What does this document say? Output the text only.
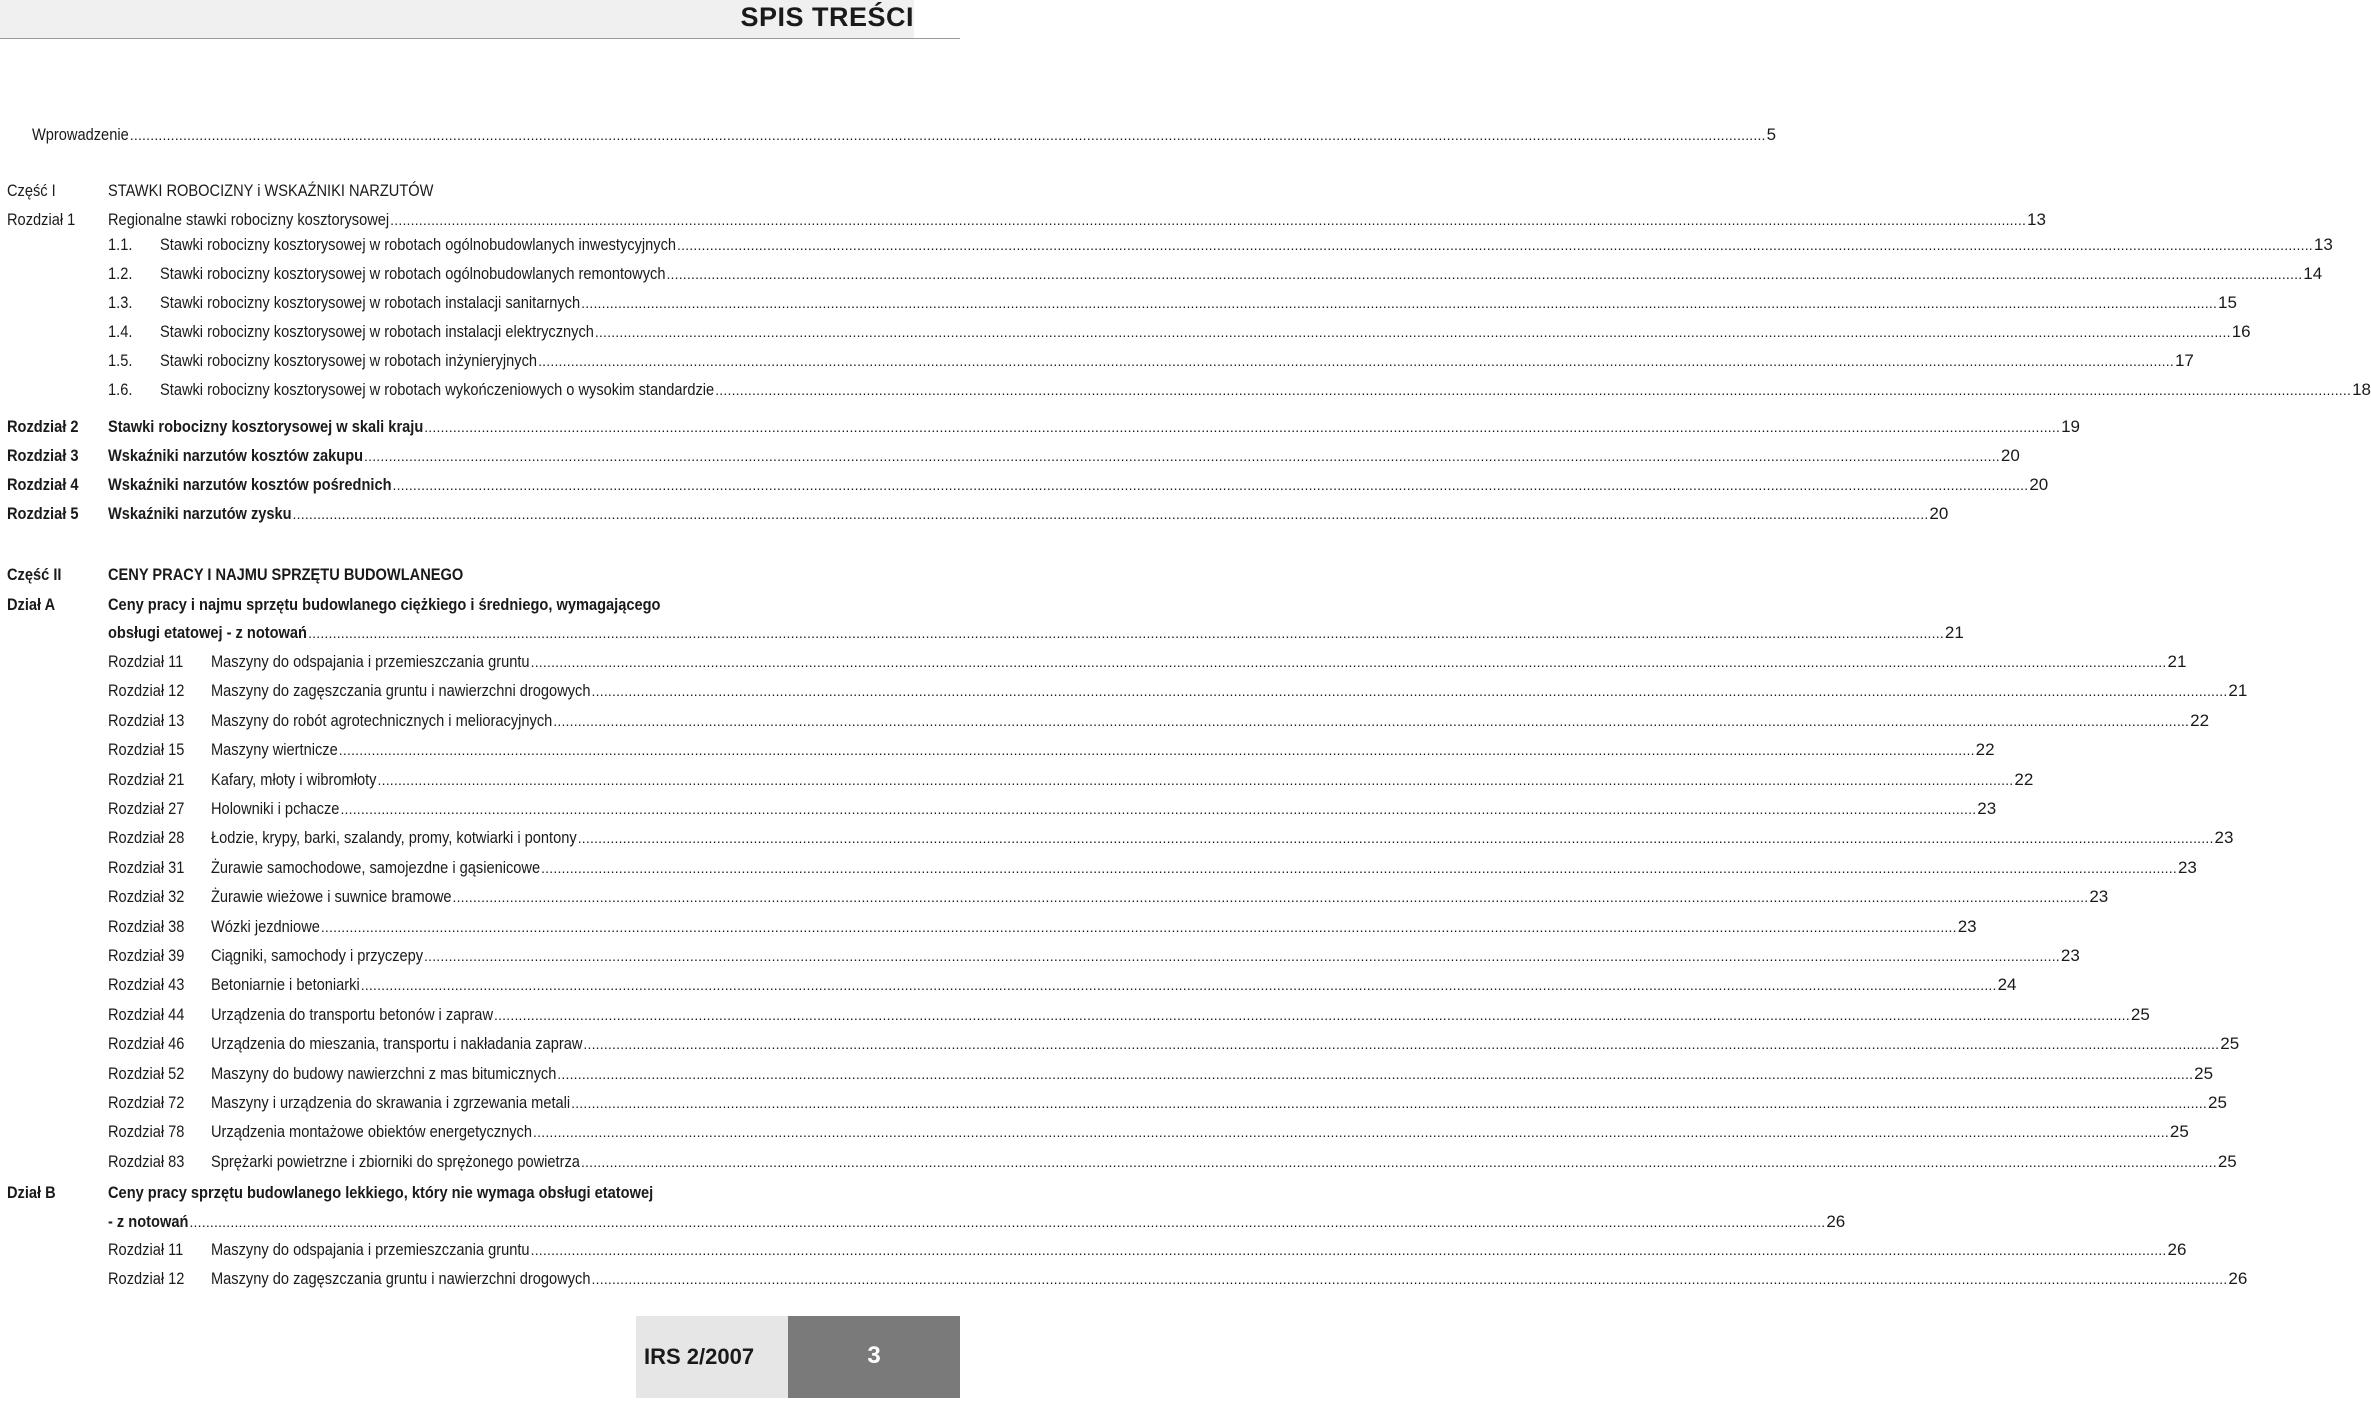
SPIS TREŚCI
Wprowadzenie ................................................................................................................................................................................................................................................................................................................................................................................................................ 5
Część I	STAWKI ROBOCIZNY i WSKAŹNIKI NARZUTÓW
Rozdział 1 Regionalne stawki robocizny kosztorysowej ................................................................................................................................................................................................................................................................................................................................................................................................................ 13
1.1. Stawki robocizny kosztorysowej w robotach ogólnobudowlanych inwestycyjnych ................................................................................................................................................................................................................................................................................................................................................................................................................ 13
1.2. Stawki robocizny kosztorysowej w robotach ogólnobudowlanych remontowych ................................................................................................................................................................................................................................................................................................................................................................................................................ 14
1.3. Stawki robocizny kosztorysowej w robotach instalacji sanitarnych ................................................................................................................................................................................................................................................................................................................................................................................................................ 15
1.4. Stawki robocizny kosztorysowej w robotach instalacji elektrycznych ................................................................................................................................................................................................................................................................................................................................................................................................................ 16
1.5. Stawki robocizny kosztorysowej w robotach inżynieryjnych ................................................................................................................................................................................................................................................................................................................................................................................................................ 17
1.6. Stawki robocizny kosztorysowej w robotach wykończeniowych o wysokim standardzie ................................................................................................................................................................................................................................................................................................................................................................................................................ 18
Rozdział 2 Stawki robocizny kosztorysowej w skali kraju ................................................................................................................................................................................................................................................................................................................................................................................................................ 19
Rozdział 3 Wskaźniki narzutów kosztów zakupu ................................................................................................................................................................................................................................................................................................................................................................................................................ 20
Rozdział 4 Wskaźniki narzutów kosztów pośrednich ................................................................................................................................................................................................................................................................................................................................................................................................................ 20
Rozdział 5 Wskaźniki narzutów zysku ................................................................................................................................................................................................................................................................................................................................................................................................................ 20
Część II	CENY PRACY I NAJMU SPRZĘTU BUDOWLANEGO
Dział A	Ceny pracy i najmu sprzętu budowlanego ciężkiego i średniego, wymagającego
obsługi etatowej - z notowań ................................................................................................................................................................................................................................................................................................................................................................................................................ 21
Rozdział 11 Maszyny do odspajania i przemieszczania gruntu ................................................................................................................................................................................................................................................................................................................................................................................................................ 21
Rozdział 12 Maszyny do zagęszczania gruntu i nawierzchni drogowych ................................................................................................................................................................................................................................................................................................................................................................................................................ 21
Rozdział 13 Maszyny do robót agrotechnicznych i melioracyjnych ................................................................................................................................................................................................................................................................................................................................................................................................................ 22
Rozdział 15 Maszyny wiertnicze ................................................................................................................................................................................................................................................................................................................................................................................................................ 22
Rozdział 21 Kafary, młoty i wibromłoty ................................................................................................................................................................................................................................................................................................................................................................................................................ 22
Rozdział 27 Holowniki i pchacze ................................................................................................................................................................................................................................................................................................................................................................................................................ 23
Rozdział 28 Łodzie, krypy, barki, szalandy, promy, kotwiarki i pontony ................................................................................................................................................................................................................................................................................................................................................................................................................ 23
Rozdział 31 Żurawie samochodowe, samojezdne i gąsienicowe ................................................................................................................................................................................................................................................................................................................................................................................................................ 23
Rozdział 32 Żurawie wieżowe i suwnice bramowe ................................................................................................................................................................................................................................................................................................................................................................................................................ 23
Rozdział 38 Wózki jezdniowe ................................................................................................................................................................................................................................................................................................................................................................................................................ 23
Rozdział 39 Ciągniki, samochody i przyczepy ................................................................................................................................................................................................................................................................................................................................................................................................................ 23
Rozdział 43 Betoniarnie i betoniarki ................................................................................................................................................................................................................................................................................................................................................................................................................ 24
Rozdział 44 Urządzenia do transportu betonów i zapraw ................................................................................................................................................................................................................................................................................................................................................................................................................ 25
Rozdział 46 Urządzenia do mieszania, transportu i nakładania zapraw ................................................................................................................................................................................................................................................................................................................................................................................................................ 25
Rozdział 52 Maszyny do budowy nawierzchni z mas bitumicznych ................................................................................................................................................................................................................................................................................................................................................................................................................ 25
Rozdział 72 Maszyny i urządzenia do skrawania i zgrzewania metali ................................................................................................................................................................................................................................................................................................................................................................................................................ 25
Rozdział 78 Urządzenia montażowe obiektów energetycznych ................................................................................................................................................................................................................................................................................................................................................................................................................ 25
Rozdział 83 Sprężarki powietrzne i zbiorniki do sprężonego powietrza ................................................................................................................................................................................................................................................................................................................................................................................................................ 25
Dział B	Ceny pracy sprzętu budowlanego lekkiego, który nie wymaga obsługi etatowej
- z notowań ................................................................................................................................................................................................................................................................................................................................................................................................................ 26
Rozdział 11 Maszyny do odspajania i przemieszczania gruntu ................................................................................................................................................................................................................................................................................................................................................................................................................ 26
Rozdział 12 Maszyny do zagęszczania gruntu i nawierzchni drogowych ................................................................................................................................................................................................................................................................................................................................................................................................................ 26
IRS 2/2007	3
